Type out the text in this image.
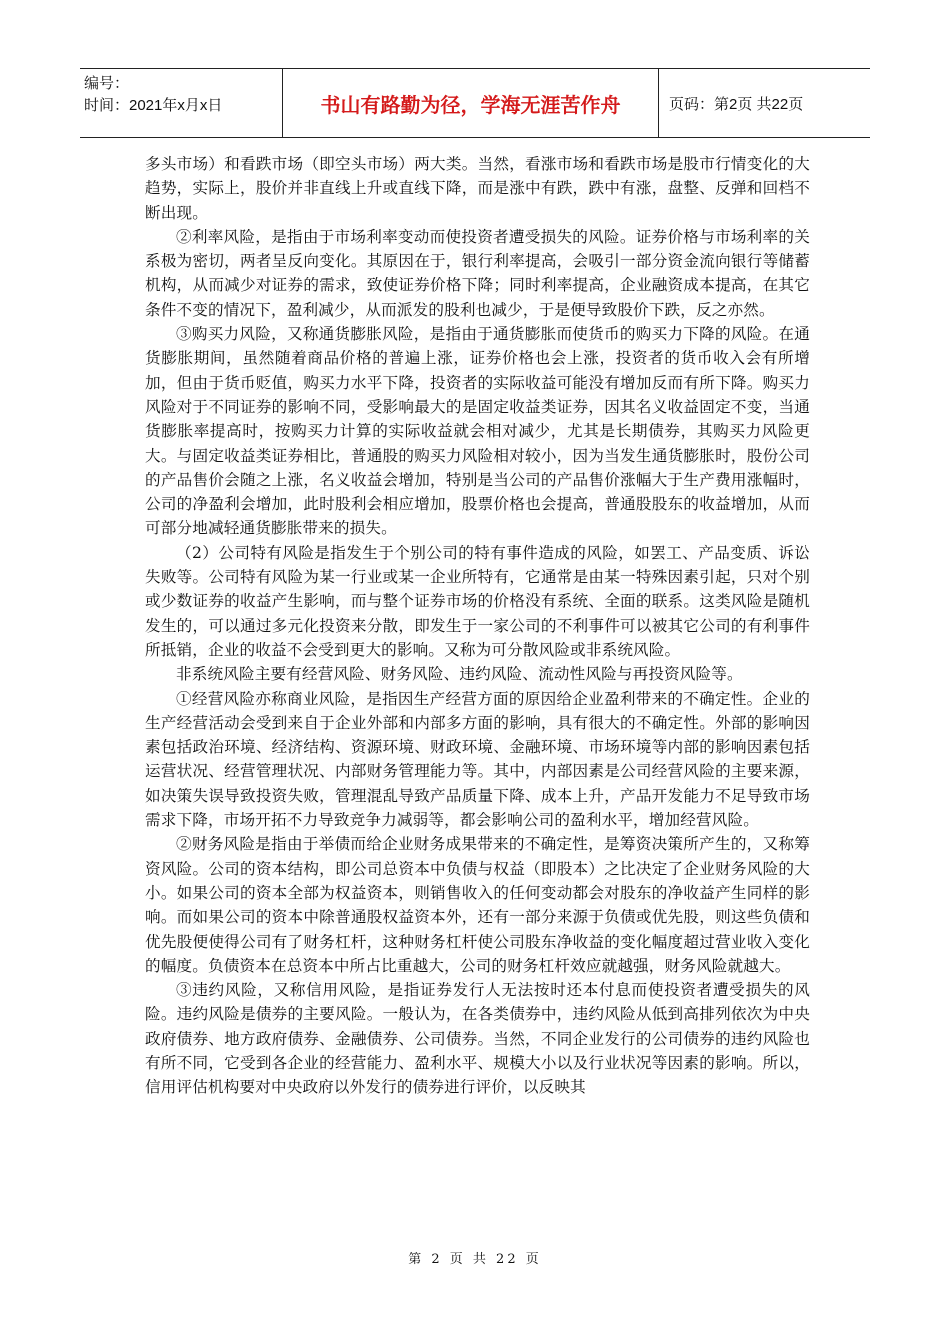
编号：
时间：2021年x月x日	书山有路勤为径，学海无涯苦作舟	页码：第2页 共22页

多头市场）和看跌市场（即空头市场）两大类。当然，看涨市场和看跌市场是股市行情变化的大趋势，实际上，股价并非直线上升或直线下降，而是涨中有跌，跌中有涨，盘整、反弹和回档不断出现。

②利率风险，是指由于市场利率变动而使投资者遭受损失的风险。证券价格与市场利率的关系极为密切，两者呈反向变化。其原因在于，银行利率提高，会吸引一部分资金流向银行等储蓄机构，从而减少对证券的需求，致使证券价格下降；同时利率提高，企业融资成本提高，在其它条件不变的情况下，盈利减少，从而派发的股利也减少，于是便导致股价下跌，反之亦然。

③购买力风险，又称通货膨胀风险，是指由于通货膨胀而使货币的购买力下降的风险。在通货膨胀期间，虽然随着商品价格的普遍上涨，证券价格也会上涨，投资者的货币收入会有所增加，但由于货币贬值，购买力水平下降，投资者的实际收益可能没有增加反而有所下降。购买力风险对于不同证券的影响不同，受影响最大的是固定收益类证券，因其名义收益固定不变，当通货膨胀率提高时，按购买力计算的实际收益就会相对减少，尤其是长期债券，其购买力风险更大。与固定收益类证券相比，普通股的购买力风险相对较小，因为当发生通货膨胀时，股份公司的产品售价会随之上涨，名义收益会增加，特别是当公司的产品售价涨幅大于生产费用涨幅时，公司的净盈利会增加，此时股利会相应增加，股票价格也会提高，普通股股东的收益增加，从而可部分地减轻通货膨胀带来的损失。

（2）公司特有风险是指发生于个别公司的特有事件造成的风险，如罢工、产品变质、诉讼失败等。公司特有风险为某一行业或某一企业所特有，它通常是由某一特殊因素引起，只对个别或少数证券的收益产生影响，而与整个证券市场的价格没有系统、全面的联系。这类风险是随机发生的，可以通过多元化投资来分散，即发生于一家公司的不利事件可以被其它公司的有利事件所抵销，企业的收益不会受到更大的影响。又称为可分散风险或非系统风险。

非系统风险主要有经营风险、财务风险、违约风险、流动性风险与再投资风险等。

①经营风险亦称商业风险，是指因生产经营方面的原因给企业盈利带来的不确定性。企业的生产经营活动会受到来自于企业外部和内部多方面的影响，具有很大的不确定性。外部的影响因素包括政治环境、经济结构、资源环境、财政环境、金融环境、市场环境等内部的影响因素包括运营状况、经营管理状况、内部财务管理能力等。其中，内部因素是公司经营风险的主要来源，如决策失误导致投资失败，管理混乱导致产品质量下降、成本上升，产品开发能力不足导致市场需求下降，市场开拓不力导致竞争力减弱等，都会影响公司的盈利水平，增加经营风险。

②财务风险是指由于举债而给企业财务成果带来的不确定性，是筹资决策所产生的，又称筹资风险。公司的资本结构，即公司总资本中负债与权益（即股本）之比决定了企业财务风险的大小。如果公司的资本全部为权益资本，则销售收入的任何变动都会对股东的净收益产生同样的影响。而如果公司的资本中除普通股权益资本外，还有一部分来源于负债或优先股，则这些负债和优先股便使得公司有了财务杠杆，这种财务杠杆使公司股东净收益的变化幅度超过营业收入变化的幅度。负债资本在总资本中所占比重越大，公司的财务杠杆效应就越强，财务风险就越大。

③违约风险，又称信用风险，是指证券发行人无法按时还本付息而使投资者遭受损失的风险。违约风险是债券的主要风险。一般认为，在各类债券中，违约风险从低到高排列依次为中央政府债券、地方政府债券、金融债券、公司债券。当然，不同企业发行的公司债券的违约风险也有所不同，它受到各企业的经营能力、盈利水平、规模大小以及行业状况等因素的影响。所以，信用评估机构要对中央政府以外发行的债券进行评价，以反映其

第 2 页 共 22 页
